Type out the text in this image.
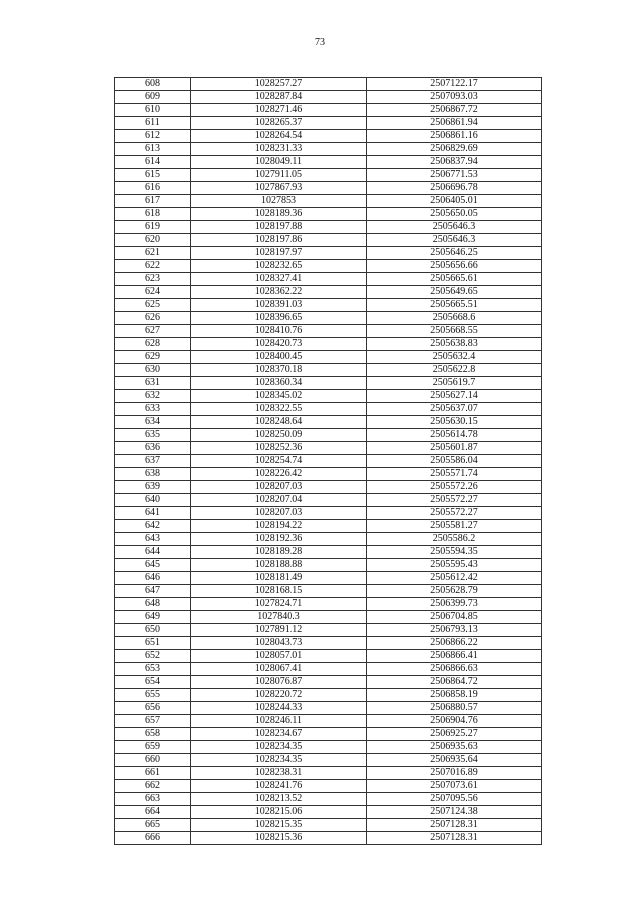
73
608	1028257.27	2507122.17
609	1028287.84	2507093.03
610	1028271.46	2506867.72
611	1028265.37	2506861.94
612	1028264.54	2506861.16
613	1028231.33	2506829.69
614	1028049.11	2506837.94
615	1027911.05	2506771.53
616	1027867.93	2506696.78
617	1027853	2506405.01
618	1028189.36	2505650.05
619	1028197.88	2505646.3
620	1028197.86	2505646.3
621	1028197.97	2505646.25
622	1028232.65	2505656.66
623	1028327.41	2505665.61
624	1028362.22	2505649.65
625	1028391.03	2505665.51
626	1028396.65	2505668.6
627	1028410.76	2505668.55
628	1028420.73	2505638.83
629	1028400.45	2505632.4
630	1028370.18	2505622.8
631	1028360.34	2505619.7
632	1028345.02	2505627.14
633	1028322.55	2505637.07
634	1028248.64	2505630.15
635	1028250.09	2505614.78
636	1028252.36	2505601.87
637	1028254.74	2505586.04
638	1028226.42	2505571.74
639	1028207.03	2505572.26
640	1028207.04	2505572.27
641	1028207.03	2505572.27
642	1028194.22	2505581.27
643	1028192.36	2505586.2
644	1028189.28	2505594.35
645	1028188.88	2505595.43
646	1028181.49	2505612.42
647	1028168.15	2505628.79
648	1027824.71	2506399.73
649	1027840.3	2506704.85
650	1027891.12	2506793.13
651	1028043.73	2506866.22
652	1028057.01	2506866.41
653	1028067.41	2506866.63
654	1028076.87	2506864.72
655	1028220.72	2506858.19
656	1028244.33	2506880.57
657	1028246.11	2506904.76
658	1028234.67	2506925.27
659	1028234.35	2506935.63
660	1028234.35	2506935.64
661	1028238.31	2507016.89
662	1028241.76	2507073.61
663	1028213.52	2507095.56
664	1028215.06	2507124.38
665	1028215.35	2507128.31
666	1028215.36	2507128.31
